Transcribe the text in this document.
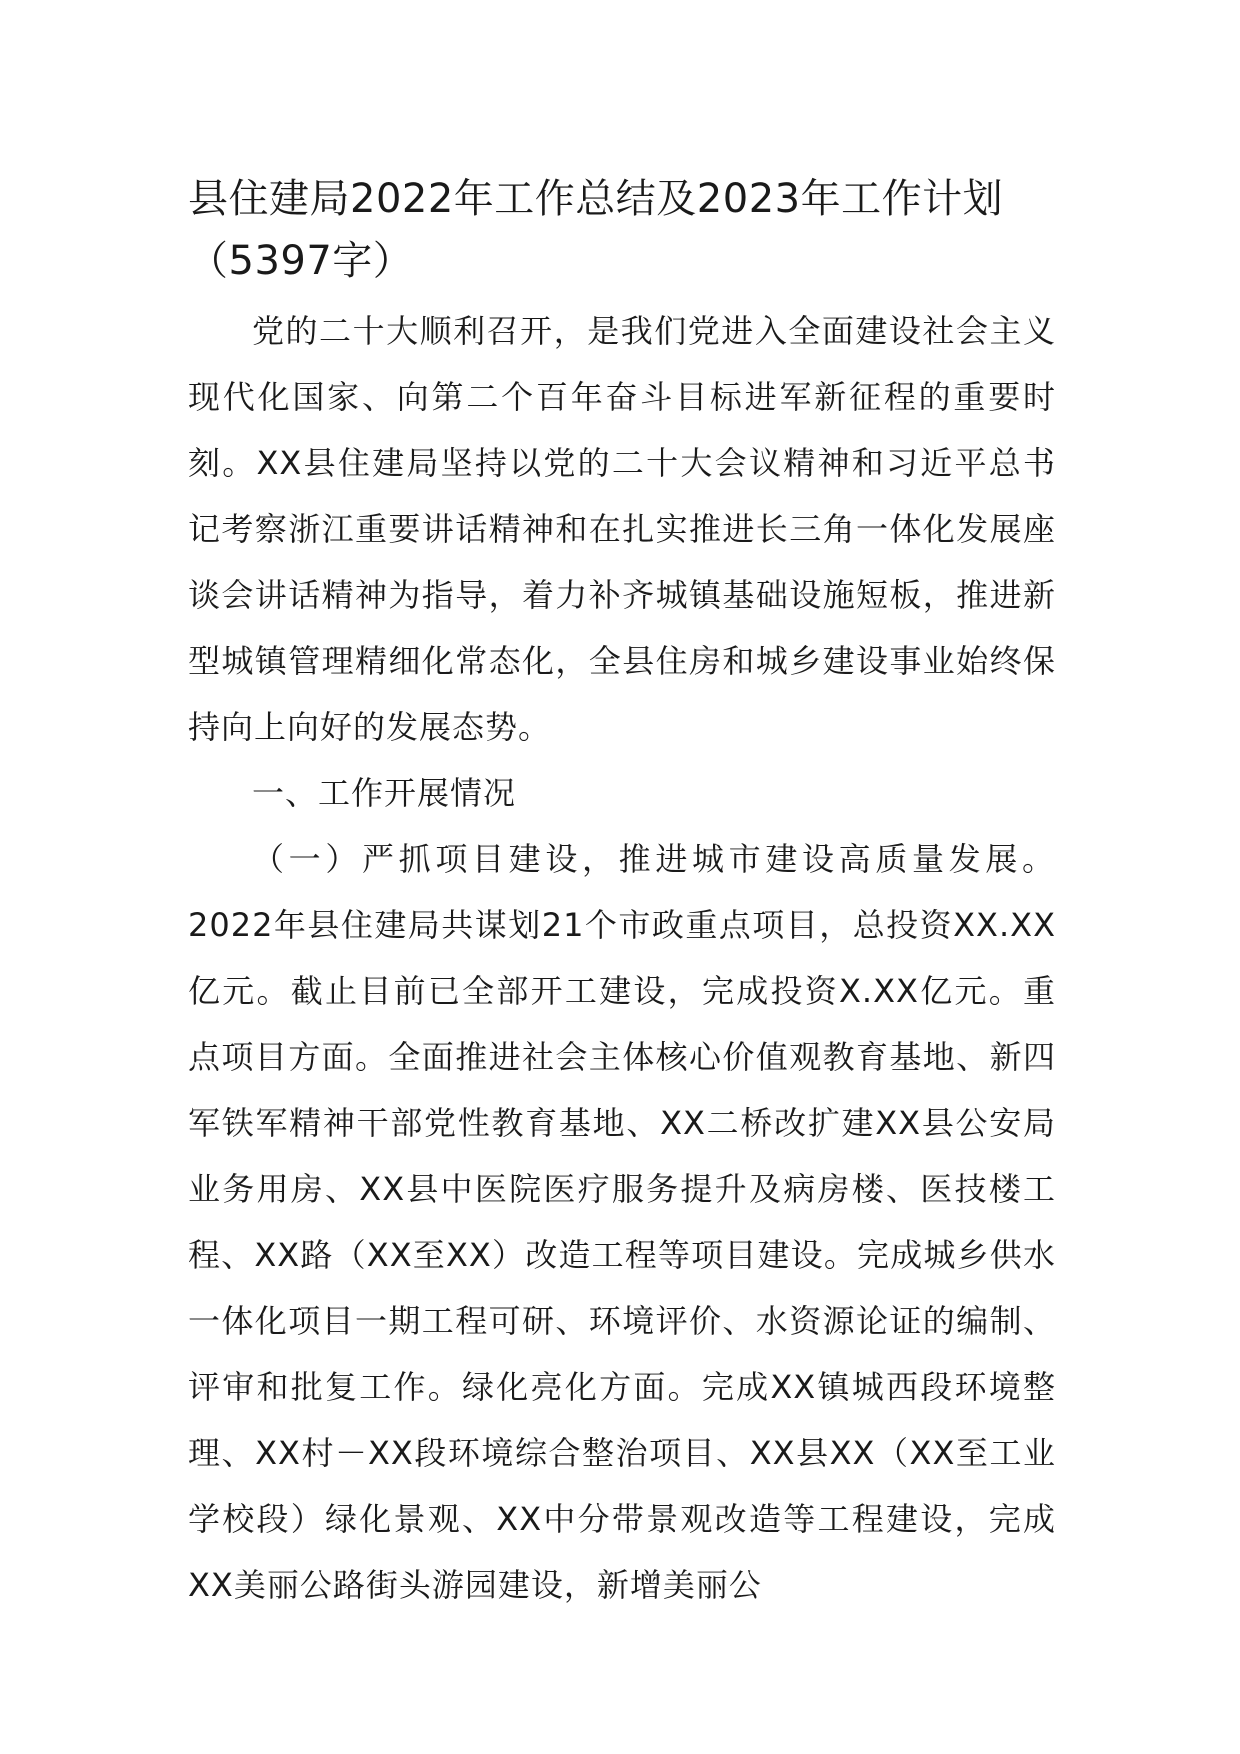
县住建局2022年工作总结及2023年工作计划（5397字）

党的二十大顺利召开，是我们党进入全面建设社会主义现代化国家、向第二个百年奋斗目标进军新征程的重要时刻。XX县住建局坚持以党的二十大会议精神和习近平总书记考察浙江重要讲话精神和在扎实推进长三角一体化发展座谈会讲话精神为指导，着力补齐城镇基础设施短板，推进新型城镇管理精细化常态化，全县住房和城乡建设事业始终保持向上向好的发展态势。

一、工作开展情况

（一）严抓项目建设，推进城市建设高质量发展。2022年县住建局共谋划21个市政重点项目，总投资XX.XX亿元。截止目前已全部开工建设，完成投资X.XX亿元。重点项目方面。全面推进社会主体核心价值观教育基地、新四军铁军精神干部党性教育基地、XX二桥改扩建XX县公安局业务用房、XX县中医院医疗服务提升及病房楼、医技楼工程、XX路（XX至XX）改造工程等项目建设。完成城乡供水一体化项目一期工程可研、环境评价、水资源论证的编制、评审和批复工作。绿化亮化方面。完成XX镇城西段环境整理、XX村－XX段环境综合整治项目、XX县XX（XX至工业学校段）绿化景观、XX中分带景观改造等工程建设，完成XX美丽公路街头游园建设，新增美丽公
